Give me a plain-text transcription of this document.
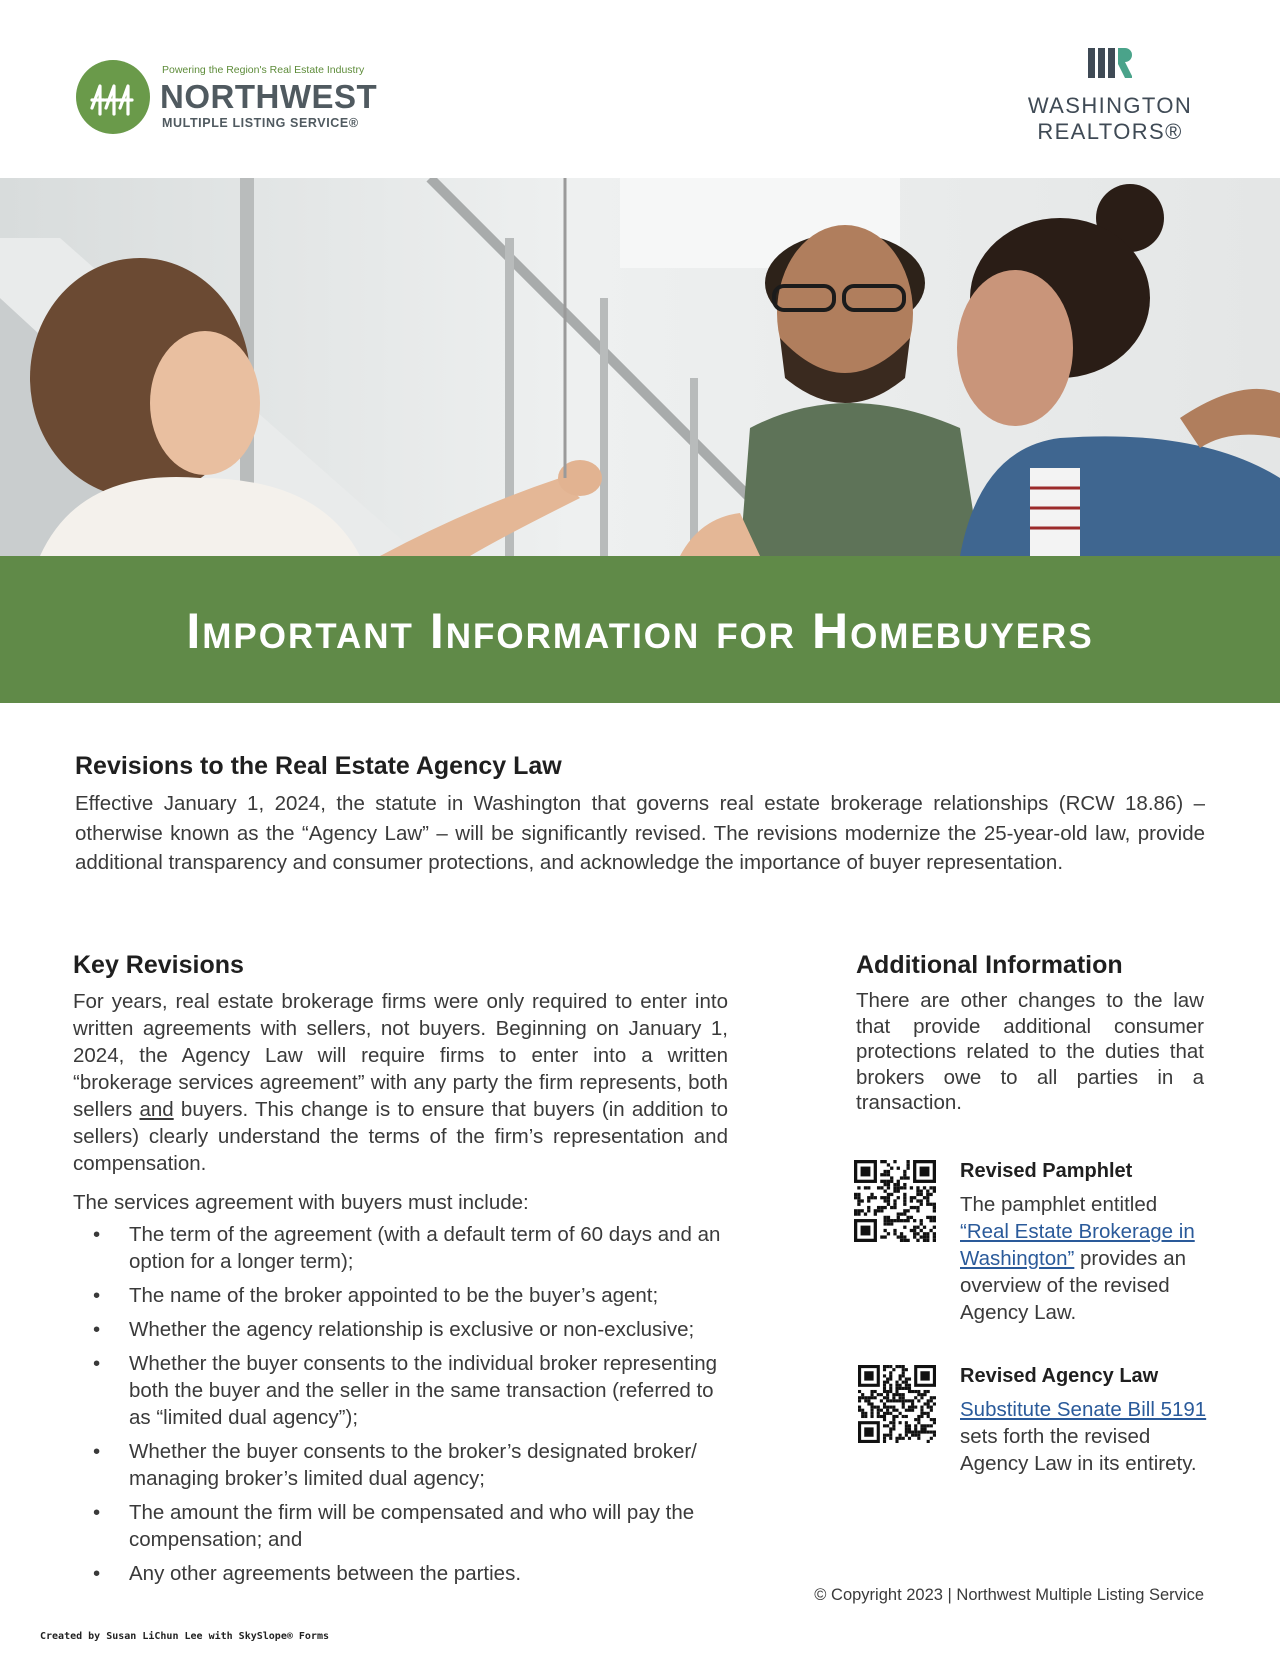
Powering the Region's Real Estate Industry
NORTHWEST
MULTIPLE LISTING SERVICE®
WASHINGTON
REALTORS®
Important Information for Homebuyers
Revisions to the Real Estate Agency Law

Effective January 1, 2024, the statute in Washington that governs real estate brokerage relationships (RCW 18.86) – otherwise known as the “Agency Law” – will be significantly revised. The revisions modernize the 25-year-old law, provide additional transparency and consumer protections, and acknowledge the importance of buyer representation.

Key Revisions

For years, real estate brokerage firms were only required to enter into written agreements with sellers, not buyers. Beginning on January 1, 2024, the Agency Law will require firms to enter into a written “brokerage services agreement” with any party the firm represents, both sellers and buyers. This change is to ensure that buyers (in addition to sellers) clearly understand the terms of the firm’s representation and compensation.

The services agreement with buyers must include:

• The term of the agreement (with a default term of 60 days and an option for a longer term);
• The name of the broker appointed to be the buyer’s agent;
• Whether the agency relationship is exclusive or non-exclusive;
• Whether the buyer consents to the individual broker representing both the buyer and the seller in the same transaction (referred to as “limited dual agency”);
• Whether the buyer consents to the broker’s designated broker/ managing broker’s limited dual agency;
• The amount the firm will be compensated and who will pay the compensation; and
• Any other agreements between the parties.
Additional Information

There are other changes to the law that provide additional consumer protections related to the duties that brokers owe to all parties in a transaction.

Revised Pamphlet

The pamphlet entitled “Real Estate Brokerage in Washington” provides an overview of the revised Agency Law.

Revised Agency Law

Substitute Senate Bill 5191 sets forth the revised Agency Law in its entirety.

© Copyright 2023 | Northwest Multiple Listing Service
Created by Susan LiChun Lee with SkySlope® Forms
